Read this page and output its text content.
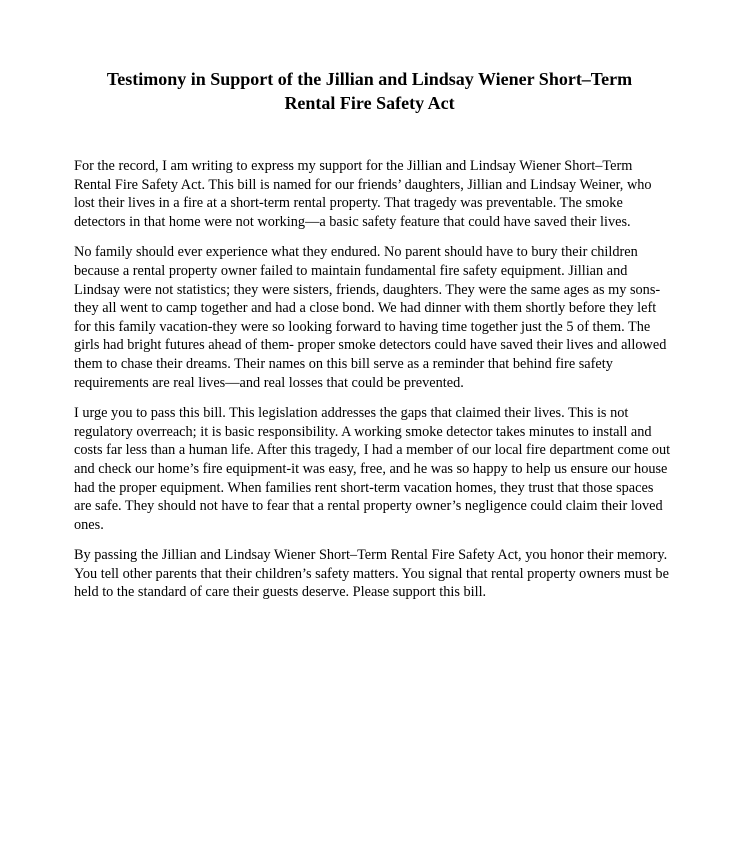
Testimony in Support of the Jillian and Lindsay Wiener Short–Term
Rental Fire Safety Act

For the record, I am writing to express my support for the Jillian and Lindsay Wiener Short–Term Rental Fire Safety Act. This bill is named for our friends’ daughters, Jillian and Lindsay Weiner, who lost their lives in a fire at a short-term rental property. That tragedy was preventable. The smoke detectors in that home were not working—a basic safety feature that could have saved their lives.

No family should ever experience what they endured. No parent should have to bury their children because a rental property owner failed to maintain fundamental fire safety equipment. Jillian and Lindsay were not statistics; they were sisters, friends, daughters. They were the same ages as my sons-they all went to camp together and had a close bond. We had dinner with them shortly before they left for this family vacation-they were so looking forward to having time together just the 5 of them. The girls had bright futures ahead of them- proper smoke detectors could have saved their lives and allowed them to chase their dreams. Their names on this bill serve as a reminder that behind fire safety requirements are real lives—and real losses that could be prevented.

I urge you to pass this bill. This legislation addresses the gaps that claimed their lives. This is not regulatory overreach; it is basic responsibility. A working smoke detector takes minutes to install and costs far less than a human life. After this tragedy, I had a member of our local fire department come out and check our home’s fire equipment-it was easy, free, and he was so happy to help us ensure our house had the proper equipment. When families rent short-term vacation homes, they trust that those spaces are safe. They should not have to fear that a rental property owner’s negligence could claim their loved ones.

By passing the Jillian and Lindsay Wiener Short–Term Rental Fire Safety Act, you honor their memory. You tell other parents that their children’s safety matters. You signal that rental property owners must be held to the standard of care their guests deserve. Please support this bill.
